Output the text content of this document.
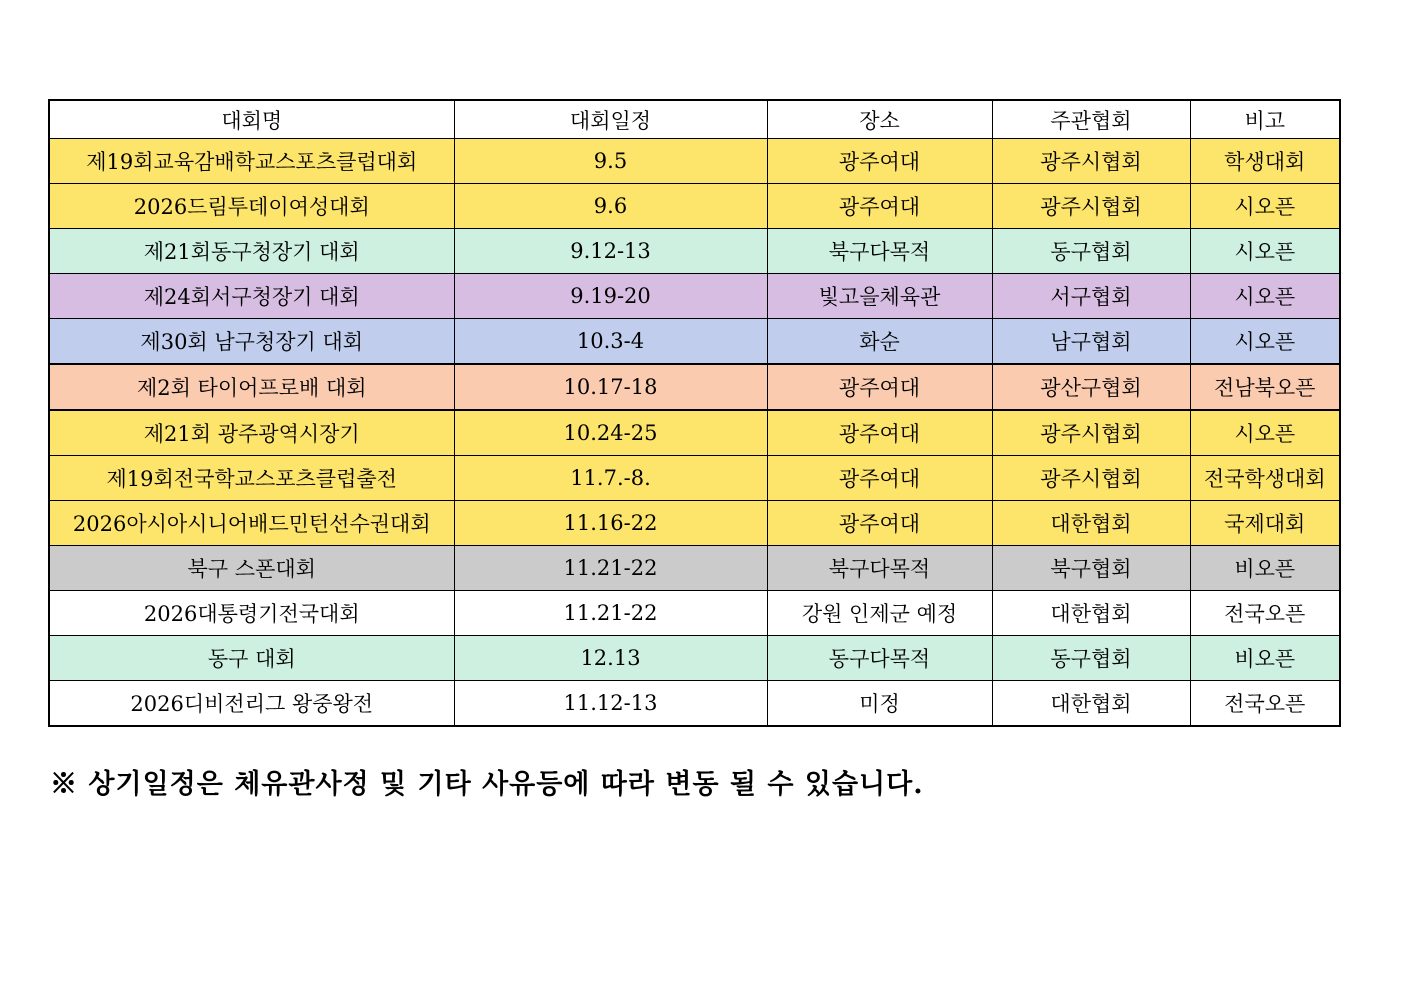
대회명	대회일정	장소	주관협회	비고
제19회교육감배학교스포츠클럽대회	9.5	광주여대	광주시협회	학생대회
2026드림투데이여성대회	9.6	광주여대	광주시협회	시오픈
제21회동구청장기 대회	9.12-13	북구다목적	동구협회	시오픈
제24회서구청장기 대회	9.19-20	빛고을체육관	서구협회	시오픈
제30회 남구청장기 대회	10.3-4	화순	남구협회	시오픈
제2회 타이어프로배 대회	10.17-18	광주여대	광산구협회	전남북오픈
제21회 광주광역시장기	10.24-25	광주여대	광주시협회	시오픈
제19회전국학교스포츠클럽출전	11.7.-8.	광주여대	광주시협회	전국학생대회
2026아시아시니어배드민턴선수권대회	11.16-22	광주여대	대한협회	국제대회
북구 스폰대회	11.21-22	북구다목적	북구협회	비오픈
2026대통령기전국대회	11.21-22	강원 인제군 예정	대한협회	전국오픈
동구 대회	12.13	동구다목적	동구협회	비오픈
2026디비전리그 왕중왕전	11.12-13	미정	대한협회	전국오픈
※ 상기일정은 체유관사정 및 기타 사유등에 따라 변동 될 수 있습니다.
